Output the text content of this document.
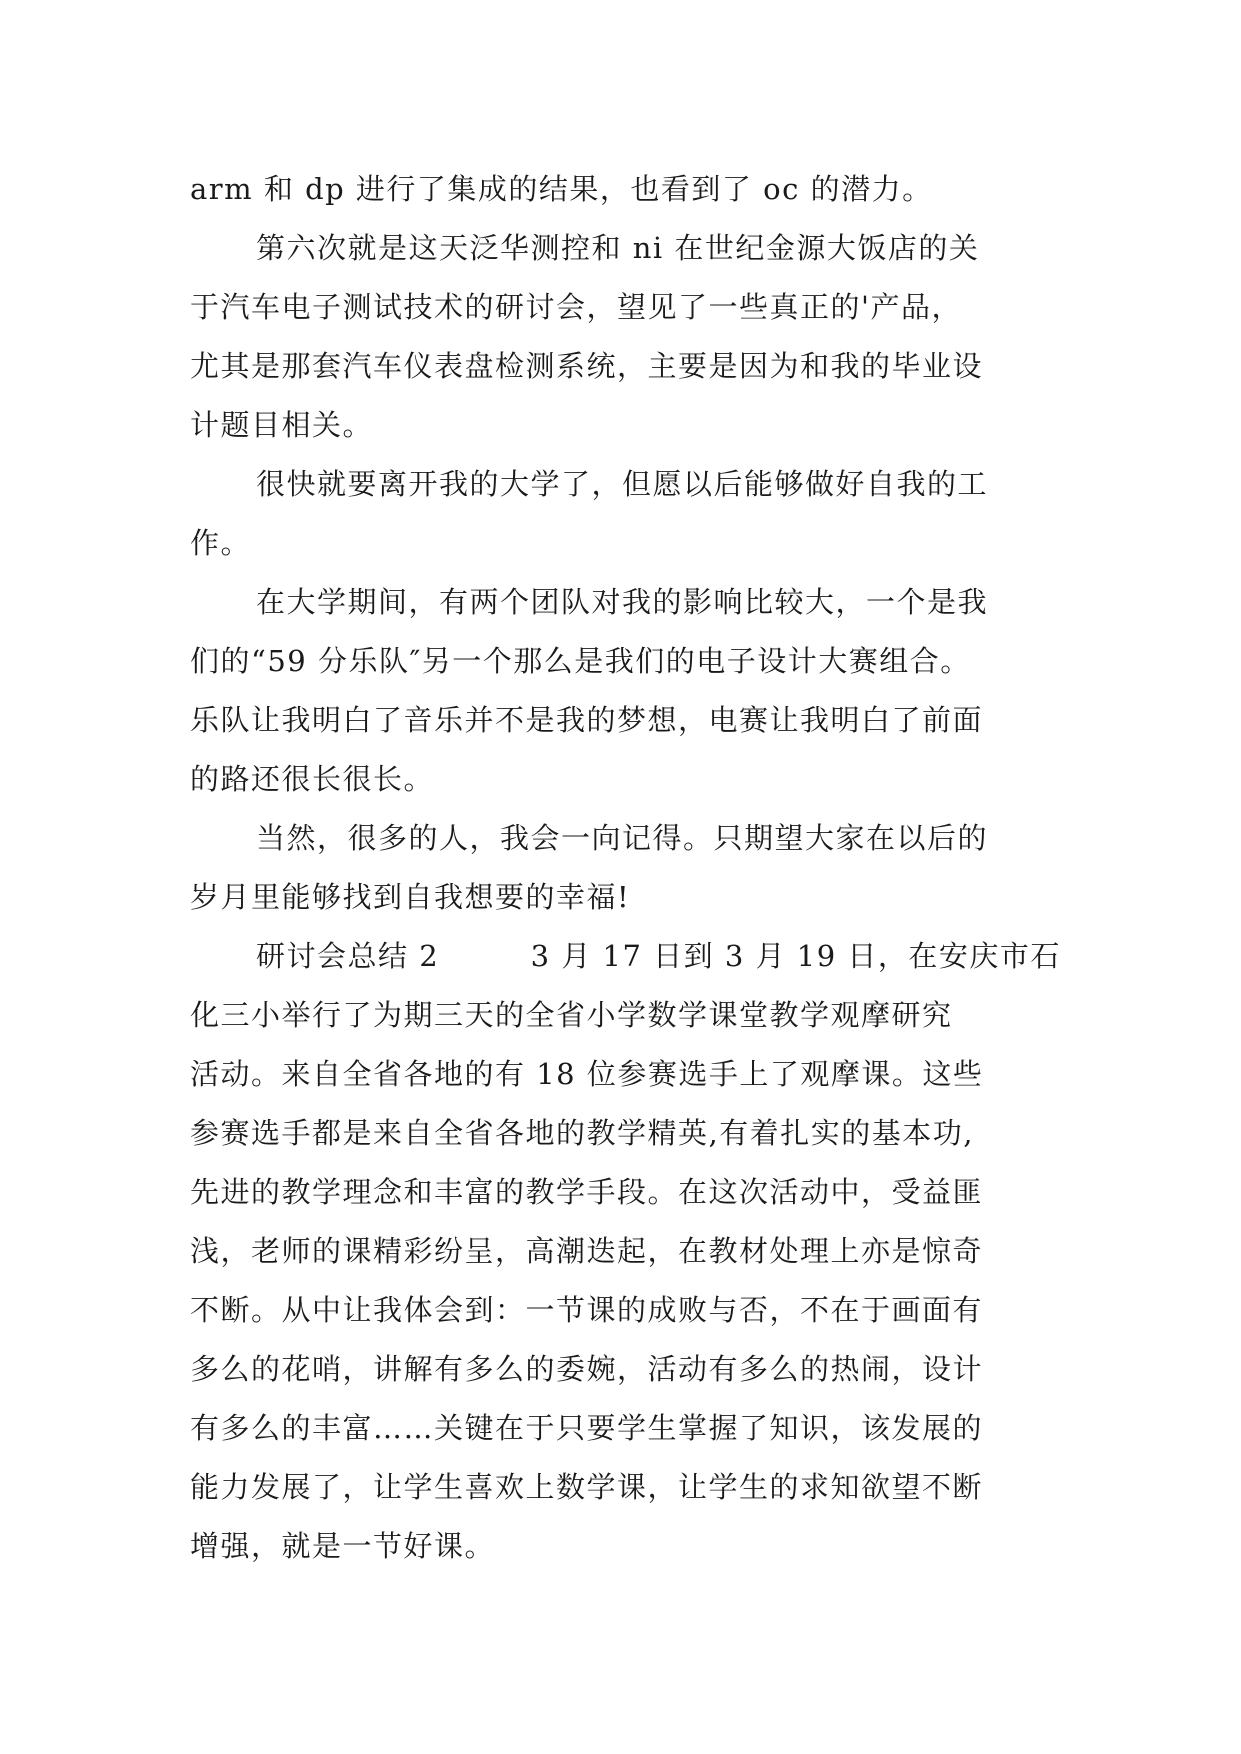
arm 和 dp 进行了集成的结果，也看到了 oc 的潜力。
第六次就是这天泛华测控和 ni 在世纪金源大饭店的关
于汽车电子测试技术的研讨会，望见了一些真正的'产品，
尤其是那套汽车仪表盘检测系统，主要是因为和我的毕业设
计题目相关。
很快就要离开我的大学了，但愿以后能够做好自我的工
作。
在大学期间，有两个团队对我的影响比较大，一个是我
们的“59 分乐队″另一个那么是我们的电子设计大赛组合。
乐队让我明白了音乐并不是我的梦想，电赛让我明白了前面
的路还很长很长。
当然，很多的人，我会一向记得。只期望大家在以后的
岁月里能够找到自我想要的幸福!
研讨会总结 2　　　3 月 17 日到 3 月 19 日，在安庆市石
化三小举行了为期三天的全省小学数学课堂教学观摩研究
活动。来自全省各地的有 18 位参赛选手上了观摩课。这些
参赛选手都是来自全省各地的教学精英,有着扎实的基本功,
先进的教学理念和丰富的教学手段。在这次活动中，受益匪
浅，老师的课精彩纷呈，高潮迭起，在教材处理上亦是惊奇
不断。从中让我体会到：一节课的成败与否，不在于画面有
多么的花哨，讲解有多么的委婉，活动有多么的热闹，设计
有多么的丰富……关键在于只要学生掌握了知识，该发展的
能力发展了，让学生喜欢上数学课，让学生的求知欲望不断
增强，就是一节好课。
